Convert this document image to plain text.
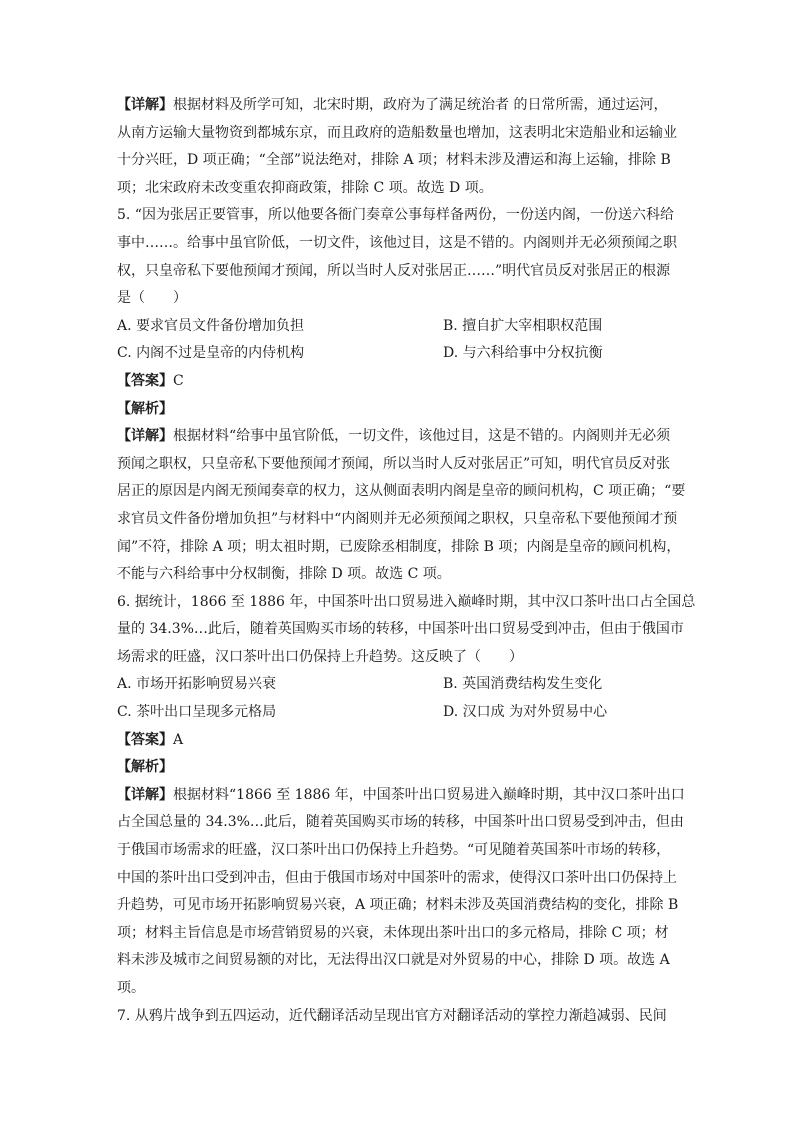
【详解】根据材料及所学可知，北宋时期，政府为了满足统治者 的日常所需，通过运河，
从南方运输大量物资到都城东京，而且政府的造船数量也增加，这表明北宋造船业和运输业
十分兴旺，D 项正确；“全部”说法绝对，排除 A 项；材料未涉及漕运和海上运输，排除 B
项；北宋政府未改变重农抑商政策，排除 C 项。故选 D 项。
5. “因为张居正要管事，所以他要各衙门奏章公事每样备两份，一份送内阁，一份送六科给
事中……。给事中虽官阶低，一切文件，该他过目，这是不错的。内阁则并无必须预闻之职
权，只皇帝私下要他预闻才预闻，所以当时人反对张居正……”明代官员反对张居正的根源
是（　　）
A. 要求官员文件备份增加负担	B. 擅自扩大宰相职权范围
C. 内阁不过是皇帝的内侍机构	D. 与六科给事中分权抗衡
【答案】C
【解析】
【详解】根据材料“给事中虽官阶低，一切文件，该他过目，这是不错的。内阁则并无必须
预闻之职权，只皇帝私下要他预闻才预闻，所以当时人反对张居正”可知，明代官员反对张
居正的原因是内阁无预闻奏章的权力，这从侧面表明内阁是皇帝的顾问机构，C 项正确；“要
求官员文件备份增加负担”与材料中“内阁则并无必须预闻之职权，只皇帝私下要他预闻才预
闻”不符，排除 A 项；明太祖时期，已废除丞相制度，排除 B 项；内阁是皇帝的顾问机构，
不能与六科给事中分权制衡，排除 D 项。故选 C 项。
6. 据统计，1866 至 1886 年，中国茶叶出口贸易进入巅峰时期，其中汉口茶叶出口占全国总
量的 34.3%…此后，随着英国购买市场的转移，中国茶叶出口贸易受到冲击，但由于俄国市
场需求的旺盛，汉口茶叶出口仍保持上升趋势。这反映了（　　）
A. 市场开拓影响贸易兴衰	B. 英国消费结构发生变化
C. 茶叶出口呈现多元格局	D. 汉口成 为对外贸易中心
【答案】A
【解析】
【详解】根据材料“1866 至 1886 年，中国茶叶出口贸易进入巅峰时期，其中汉口茶叶出口
占全国总量的 34.3%…此后，随着英国购买市场的转移，中国茶叶出口贸易受到冲击，但由
于俄国市场需求的旺盛，汉口茶叶出口仍保持上升趋势。“可见随着英国茶叶市场的转移，
中国的茶叶出口受到冲击，但由于俄国市场对中国茶叶的需求，使得汉口茶叶出口仍保持上
升趋势，可见市场开拓影响贸易兴衰，A 项正确；材料未涉及英国消费结构的变化，排除 B
项；材料主旨信息是市场营销贸易的兴衰，未体现出茶叶出口的多元格局，排除 C 项；材
料未涉及城市之间贸易额的对比，无法得出汉口就是对外贸易的中心，排除 D 项。故选 A
项。
7. 从鸦片战争到五四运动，近代翻译活动呈现出官方对翻译活动的掌控力渐趋减弱、民间
